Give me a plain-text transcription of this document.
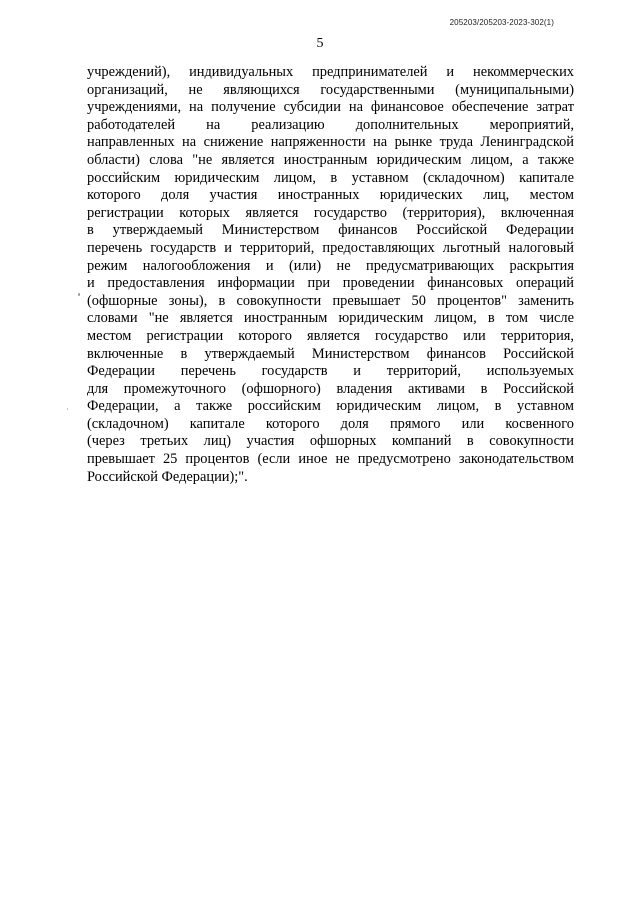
205203/205203-2023-302(1)
5

учреждений), индивидуальных предпринимателей и некоммерческих
организаций, не являющихся государственными (муниципальными)
учреждениями, на получение субсидии на финансовое обеспечение затрат
работодателей на реализацию дополнительных мероприятий,
направленных на снижение напряженности на рынке труда Ленинградской
области) слова "не является иностранным юридическим лицом, а также
российским юридическим лицом, в уставном (складочном) капитале
которого доля участия иностранных юридических лиц, местом
регистрации которых является государство (территория), включенная
в утверждаемый Министерством финансов Российской Федерации
перечень государств и территорий, предоставляющих льготный налоговый
режим налогообложения и (или) не предусматривающих раскрытия
и предоставления информации при проведении финансовых операций
(офшорные зоны), в совокупности превышает 50 процентов" заменить
словами "не является иностранным юридическим лицом, в том числе
местом регистрации которого является государство или территория,
включенные в утверждаемый Министерством финансов Российской
Федерации перечень государств и территорий, используемых
для промежуточного (офшорного) владения активами в Российской
Федерации, а также российским юридическим лицом, в уставном
(складочном) капитале которого доля прямого или косвенного
(через третьих лиц) участия офшорных компаний в совокупности
превышает 25 процентов (если иное не предусмотрено законодательством
Российской Федерации);".
